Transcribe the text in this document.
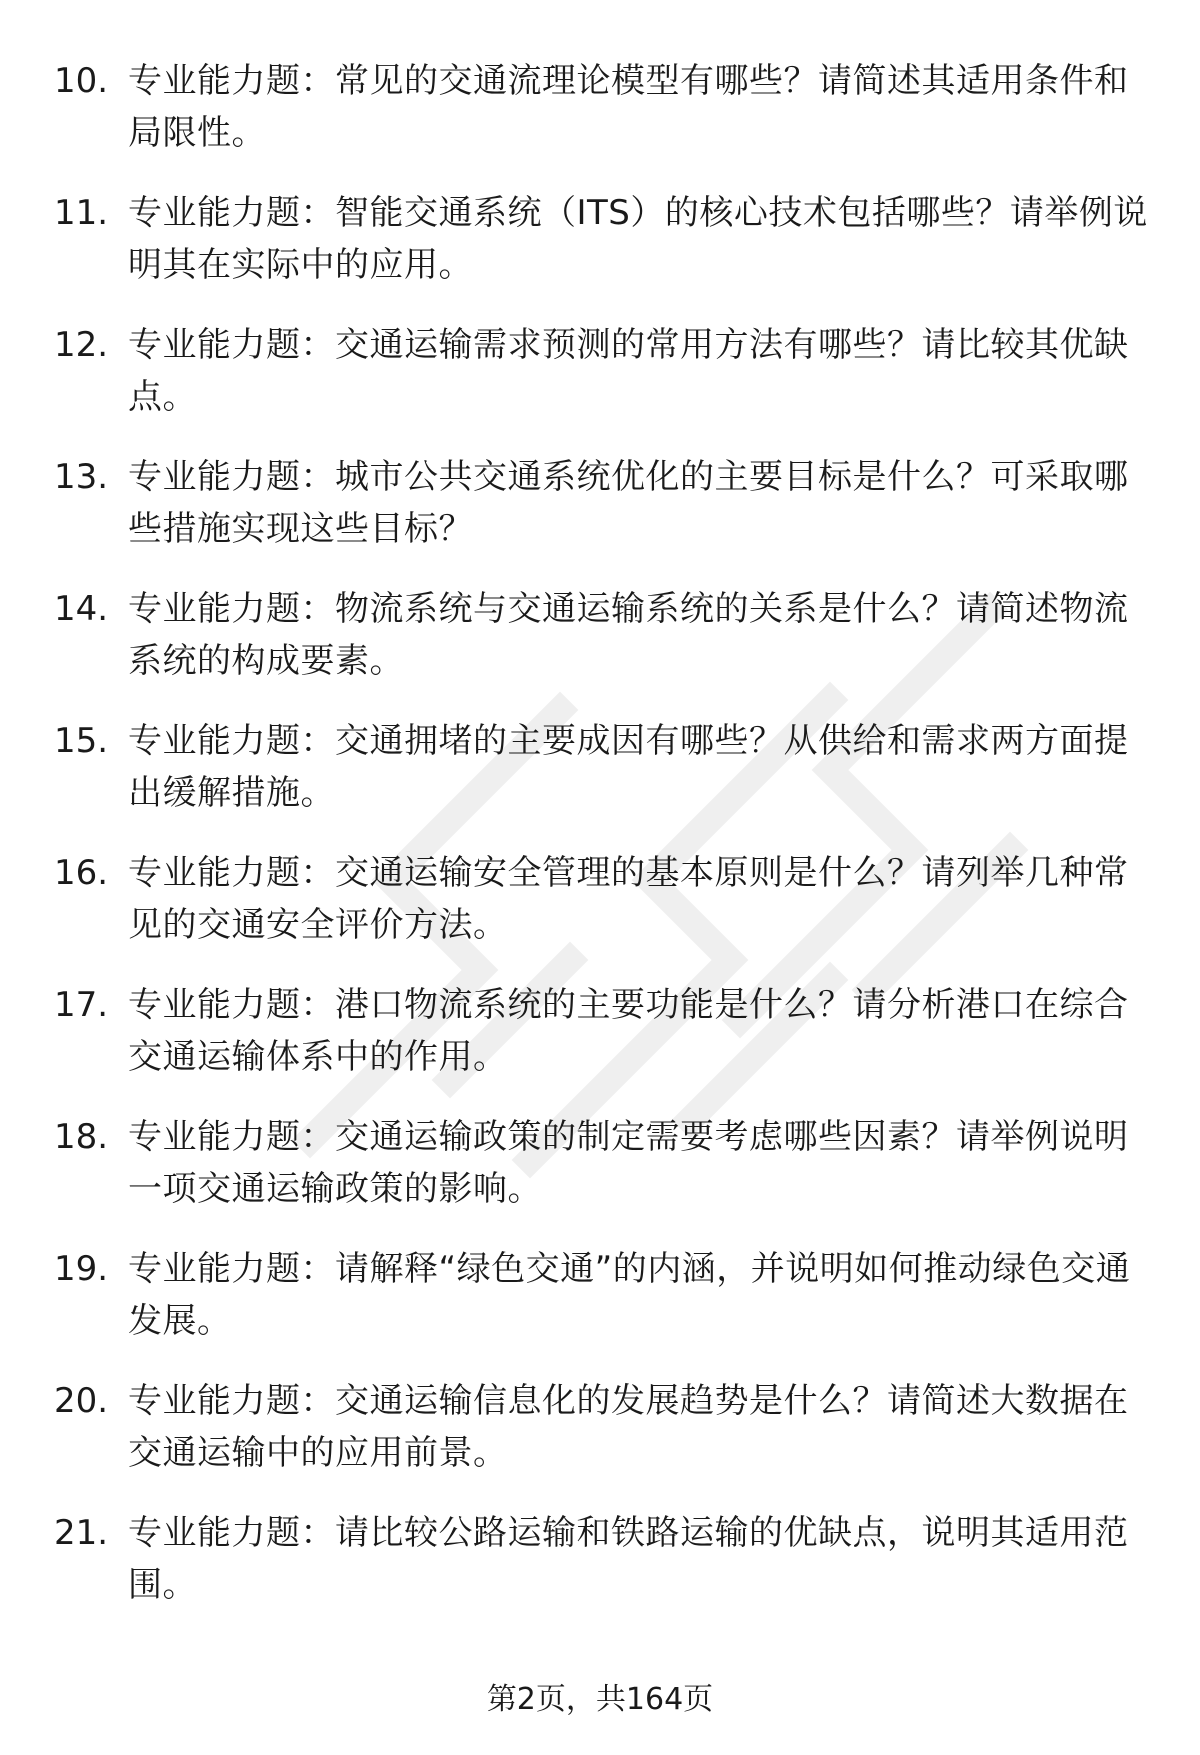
10. 专业能力题：常见的交通流理论模型有哪些？请简述其适用条件和局限性。
11. 专业能力题：智能交通系统（ITS）的核心技术包括哪些？请举例说明其在实际中的应用。
12. 专业能力题：交通运输需求预测的常用方法有哪些？请比较其优缺点。
13. 专业能力题：城市公共交通系统优化的主要目标是什么？可采取哪些措施实现这些目标？
14. 专业能力题：物流系统与交通运输系统的关系是什么？请简述物流系统的构成要素。
15. 专业能力题：交通拥堵的主要成因有哪些？从供给和需求两方面提出缓解措施。
16. 专业能力题：交通运输安全管理的基本原则是什么？请列举几种常见的交通安全评价方法。
17. 专业能力题：港口物流系统的主要功能是什么？请分析港口在综合交通运输体系中的作用。
18. 专业能力题：交通运输政策的制定需要考虑哪些因素？请举例说明一项交通运输政策的影响。
19. 专业能力题：请解释“绿色交通”的内涵，并说明如何推动绿色交通发展。
20. 专业能力题：交通运输信息化的发展趋势是什么？请简述大数据在交通运输中的应用前景。
21. 专业能力题：请比较公路运输和铁路运输的优缺点，说明其适用范围。
第2页，共164页
